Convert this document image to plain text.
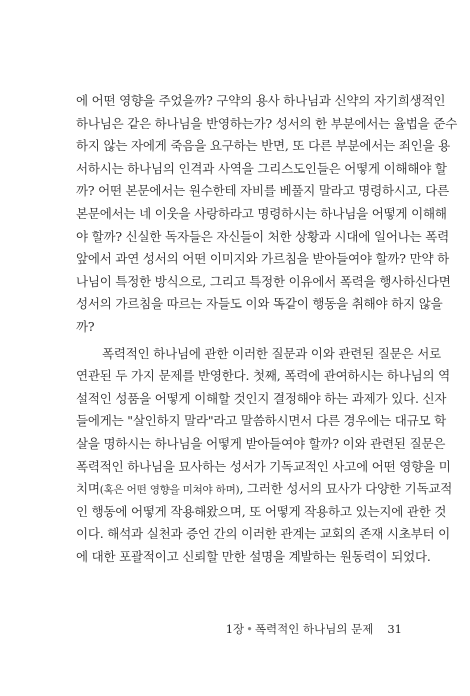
에 어떤 영향을 주었을까? 구약의 용사 하나님과 신약의 자기희생적인
하나님은 같은 하나님을 반영하는가? 성서의 한 부분에서는 율법을 준수
하지 않는 자에게 죽음을 요구하는 반면, 또 다른 부분에서는 죄인을 용
서하시는 하나님의 인격과 사역을 그리스도인들은 어떻게 이해해야 할
까? 어떤 본문에서는 원수한테 자비를 베풀지 말라고 명령하시고, 다른
본문에서는 네 이웃을 사랑하라고 명령하시는 하나님을 어떻게 이해해
야 할까? 신실한 독자들은 자신들이 처한 상황과 시대에 일어나는 폭력
앞에서 과연 성서의 어떤 이미지와 가르침을 받아들여야 할까? 만약 하
나님이 특정한 방식으로, 그리고 특정한 이유에서 폭력을 행사하신다면
성서의 가르침을 따르는 자들도 이와 똑같이 행동을 취해야 하지 않을
까?
폭력적인 하나님에 관한 이러한 질문과 이와 관련된 질문은 서로
연관된 두 가지 문제를 반영한다. 첫째, 폭력에 관여하시는 하나님의 역
설적인 성품을 어떻게 이해할 것인지 결정해야 하는 과제가 있다. 신자
들에게는 "살인하지 말라"라고 말씀하시면서 다른 경우에는 대규모 학
살을 명하시는 하나님을 어떻게 받아들여야 할까? 이와 관련된 질문은
폭력적인 하나님을 묘사하는 성서가 기독교적인 사고에 어떤 영향을 미
치며(혹은 어떤 영향을 미쳐야 하며), 그러한 성서의 묘사가 다양한 기독교적
인 행동에 어떻게 작용해왔으며, 또 어떻게 작용하고 있는지에 관한 것
이다. 해석과 실천과 증언 간의 이러한 관계는 교회의 존재 시초부터 이
에 대한 포괄적이고 신뢰할 만한 설명을 계발하는 원동력이 되었다.
1장 • 폭력적인 하나님의 문제 31
